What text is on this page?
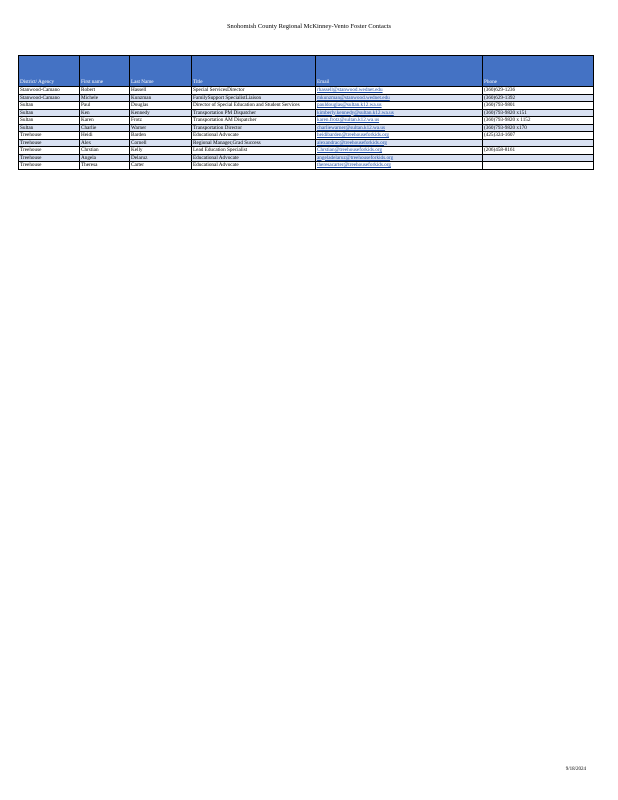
Snohomish County Regional McKinney-Vento Foster Contacts
District/ Agency	First name	Last Name	Title	Email	Phone
Stanwood-Camano	Robert	Hassell	Special ServicesDirector	rhassell@stanwood.wednet.edu	(360)629-1236
Stanwood-Camano	Michele	Kunzman	FamilySupport SpecialistLiaison	mkunzman@stanwood.wednet.edu	(360)629-1392
Sultan	Paul	Douglas	Director of Special Education and Student Services	pauldouglas@sultan.k12.wa.us	(360)793-9801
Sultan	Ken	Kennedy	Transportation PM Dispatcher	kimberly.kennedy@sultan.k12.wa.us	(360)793-9820 x151
Sultan	Karen	Frotz	Transportation AM Dispatcher	karen.frotz@sultan.k12.wa.us	(360)793-9820 x 1152
Sultan	Charlie	Warner	Transportation Director	charliewarner@sultan.k12.wa.us	(360)793-9820 x170
Treehouse	Heidi	Barden	Educational Advocate	heidibarden@treehouseforkids.org	(425)324-1607
Treehouse	Alex	Cornell	Regional Manager,Grad Success	alexandrac@treehouseforkids.org	
Treehouse	Chrstian	Kelly	Lead Education Specialist	Chrstian@treehouseforkids.org	(206)458-8161
Treehouse	Angela	Delaruz	Educational Advocate	angeladelaruz@treehouseforkids.org	
Treehouse	Theresa	Carter	Educational Advocate	theresacarter@treehouseforkids.org	
9/18/2024
